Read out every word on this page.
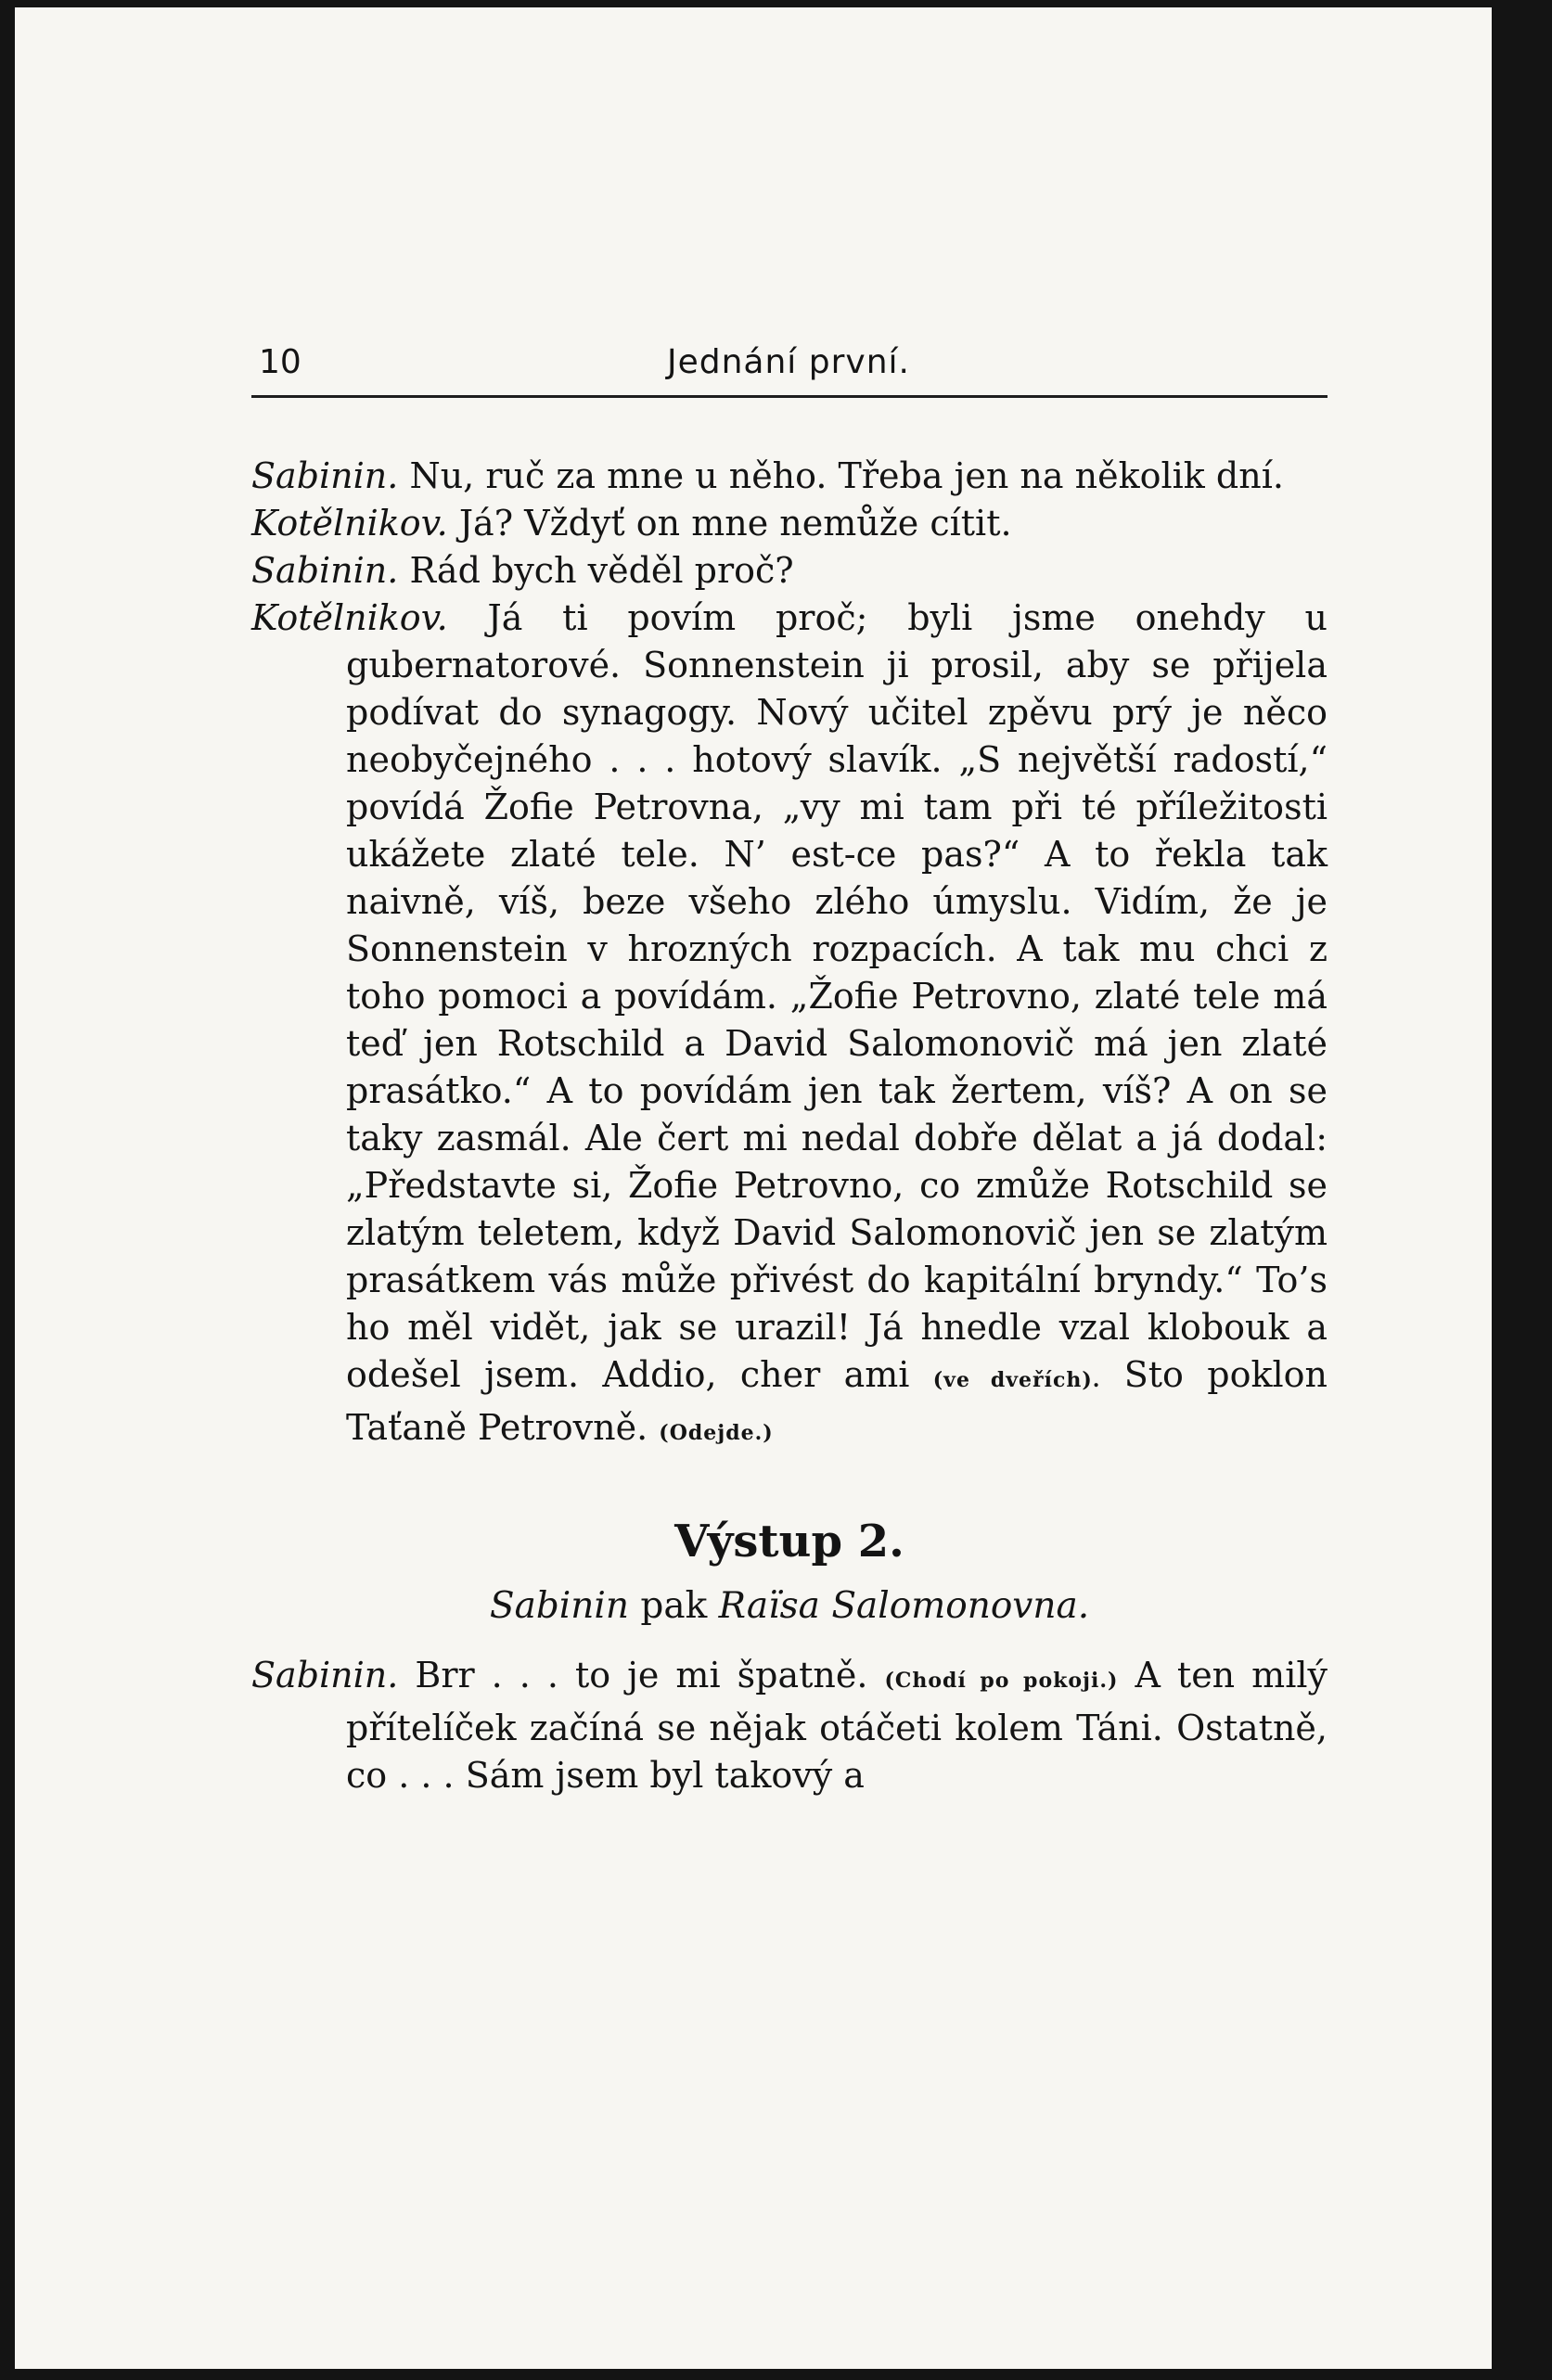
10	Jednání první.

Sabinin. Nu, ruč za mne u něho. Třeba jen na několik dní.

Kotělnikov. Já? Vždyť on mne nemůže cítit.

Sabinin. Rád bych věděl proč?

Kotělnikov. Já ti povím proč; byli jsme onehdy u gubernatorové. Sonnenstein ji prosil, aby se přijela podívat do synagogy. Nový učitel zpěvu prý je něco neobyčejného . . . hotový slavík. „S největší radostí,“ povídá Žofie Petrovna, „vy mi tam při té příležitosti ukážete zlaté tele. N’ est-ce pas?“ A to řekla tak naivně, víš, beze všeho zlého úmyslu. Vidím, že je Sonnenstein v hrozných rozpacích. A tak mu chci z toho pomoci a povídám. „Žofie Petrovno, zlaté tele má teď jen Rotschild a David Salomonovič má jen zlaté prasátko.“ A to povídám jen tak žertem, víš? A on se taky zasmál. Ale čert mi nedal dobře dělat a já dodal: „Představte si, Žofie Petrovno, co zmůže Rotschild se zlatým teletem, když David Salomonovič jen se zlatým prasátkem vás může přivést do kapitální bryndy.“ To’s ho měl vidět, jak se urazil! Já hnedle vzal klobouk a odešel jsem. Addio, cher ami (ve dveřích). Sto poklon Taťaně Petrovně. (Odejde.)

Výstup 2.
Sabinin pak Raïsa Salomonovna.

Sabinin. Brr . . . to je mi špatně. (Chodí po pokoji.) A ten milý přítelíček začíná se nějak otáčeti kolem Táni. Ostatně, co . . . Sám jsem byl takový a
